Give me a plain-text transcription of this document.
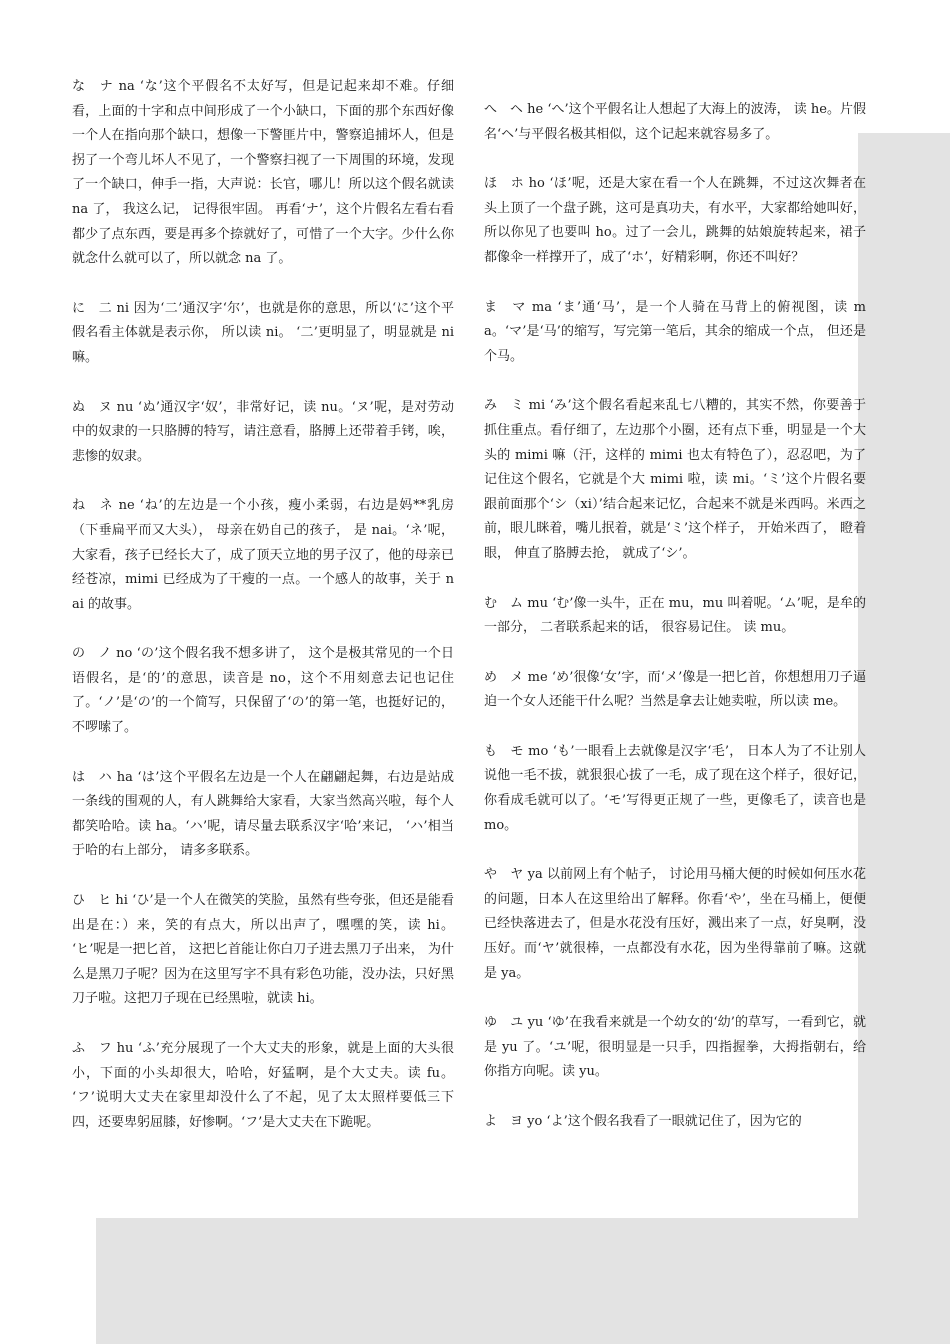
な　ナ na ‘な’这个平假名不太好写，但是记起来却不难。仔细看，上面的十字和点中间形成了一个小缺口，下面的那个东西好像一个人在指向那个缺口，想像一下警匪片中，警察追捕坏人，但是拐了一个弯儿坏人不见了，一个警察扫视了一下周围的环境，发现了一个缺口，伸手一指，大声说：长官，哪儿！所以这个假名就读 na 了， 我这么记， 记得很牢固。 再看‘ナ’，这个片假名左看右看都少了点东西，要是再多个捺就好了，可惜了一个大字。少什么你就念什么就可以了，所以就念 na 了。

に　二 ni 因为‘二’通汉字‘尔’，也就是你的意思，所以‘に’这个平假名看主体就是表示你， 所以读 ni。 ‘二’更明显了，明显就是 ni 嘛。

ぬ　ヌ nu ‘ぬ’通汉字‘奴’，非常好记，读 nu。‘ヌ’呢，是对劳动中的奴隶的一只胳膊的特写，请注意看，胳膊上还带着手铐，唉，悲惨的奴隶。

ね　ネ ne ‘ね’的左边是一个小孩，瘦小柔弱，右边是妈**乳房（下垂扁平而又大头）， 母亲在奶自己的孩子， 是 nai。‘ネ’呢，大家看，孩子已经长大了，成了顶天立地的男子汉了，他的母亲已经苍凉，mimi 已经成为了干瘦的一点。一个感人的故事，关于 nai 的故事。

の　ノ no ‘の’这个假名我不想多讲了， 这个是极其常见的一个日语假名，是‘的’的意思，读音是 no，这个不用刻意去记也记住了。‘ノ’是‘の’的一个简写，只保留了‘の’的第一笔，也挺好记的，不啰嗦了。

は　ハ ha ‘は’这个平假名左边是一个人在翩翩起舞，右边是站成一条线的围观的人，有人跳舞给大家看，大家当然高兴啦，每个人都笑哈哈。读 ha。‘ハ’呢，请尽量去联系汉字‘哈’来记， ‘ハ’相当于哈的右上部分， 请多多联系。

ひ　ヒ hi ‘ひ’是一个人在微笑的笑脸，虽然有些夸张，但还是能看出是在：）来，笑的有点大，所以出声了，嘿嘿的笑，读 hi。 ‘ヒ’呢是一把匕首， 这把匕首能让你白刀子进去黑刀子出来， 为什么是黑刀子呢？因为在这里写字不具有彩色功能，没办法，只好黑刀子啦。这把刀子现在已经黑啦，就读 hi。

ふ　フ hu ‘ふ’充分展现了一个大丈夫的形象，就是上面的大头很小，下面的小头却很大，哈哈，好猛啊，是个大丈夫。读 fu。 ‘フ’说明大丈夫在家里却没什么了不起，见了太太照样要低三下四，还要卑躬屈膝，好惨啊。‘フ’是大丈夫在下跪呢。

へ　ヘ he ‘へ’这个平假名让人想起了大海上的波涛， 读 he。片假名‘ヘ’与平假名极其相似，这个记起来就容易多了。

ほ　ホ ho ‘ほ’呢，还是大家在看一个人在跳舞，不过这次舞者在头上顶了一个盘子跳，这可是真功夫，有水平，大家都给她叫好，所以你见了也要叫 ho。过了一会儿，跳舞的姑娘旋转起来，裙子都像伞一样撑开了，成了‘ホ’，好精彩啊，你还不叫好？

ま　マ ma ‘ま’通‘马’，是一个人骑在马背上的俯视图，读 ma。‘マ’是‘马’的缩写，写完第一笔后，其余的缩成一个点， 但还是个马。

み　ミ mi ‘み’这个假名看起来乱七八糟的，其实不然，你要善于抓住重点。看仔细了，左边那个小圈，还有点下垂，明显是一个大头的 mimi 嘛（汗，这样的 mimi 也太有特色了），忍忍吧，为了记住这个假名，它就是个大 mimi 啦，读 mi。‘ミ’这个片假名要跟前面那个‘シ（xi）’结合起来记忆，合起来不就是米西吗。米西之前，眼儿眯着，嘴儿抿着，就是‘ミ’这个样子， 开始米西了， 瞪着眼， 伸直了胳膊去抢， 就成了‘シ’。

む　ム mu ‘む’像一头牛，正在 mu，mu 叫着呢。‘ム’呢，是牟的一部分， 二者联系起来的话， 很容易记住。 读 mu。

め　メ me ‘め’很像‘女’字，而‘メ’像是一把匕首，你想想用刀子逼迫一个女人还能干什么呢？当然是拿去让她卖啦，所以读 me。

も　モ mo ‘も’一眼看上去就像是汉字‘毛’， 日本人为了不让别人说他一毛不拔，就狠狠心拔了一毛，成了现在这个样子，很好记，你看成毛就可以了。‘モ’写得更正规了一些，更像毛了，读音也是 mo。

や　ヤ ya 以前网上有个帖子， 讨论用马桶大便的时候如何压水花的问题，日本人在这里给出了解释。你看‘や’，坐在马桶上，便便已经快落进去了，但是水花没有压好，溅出来了一点，好臭啊，没压好。而‘ヤ’就很棒，一点都没有水花，因为坐得靠前了嘛。这就是 ya。

ゆ　ユ yu ‘ゆ’在我看来就是一个幼女的‘幼’的草写，一看到它，就是 yu 了。‘ユ’呢，很明显是一只手，四指握拳，大拇指朝右，给你指方向呢。读 yu。

よ　ヨ yo ‘よ’这个假名我看了一眼就记住了，因为它的
